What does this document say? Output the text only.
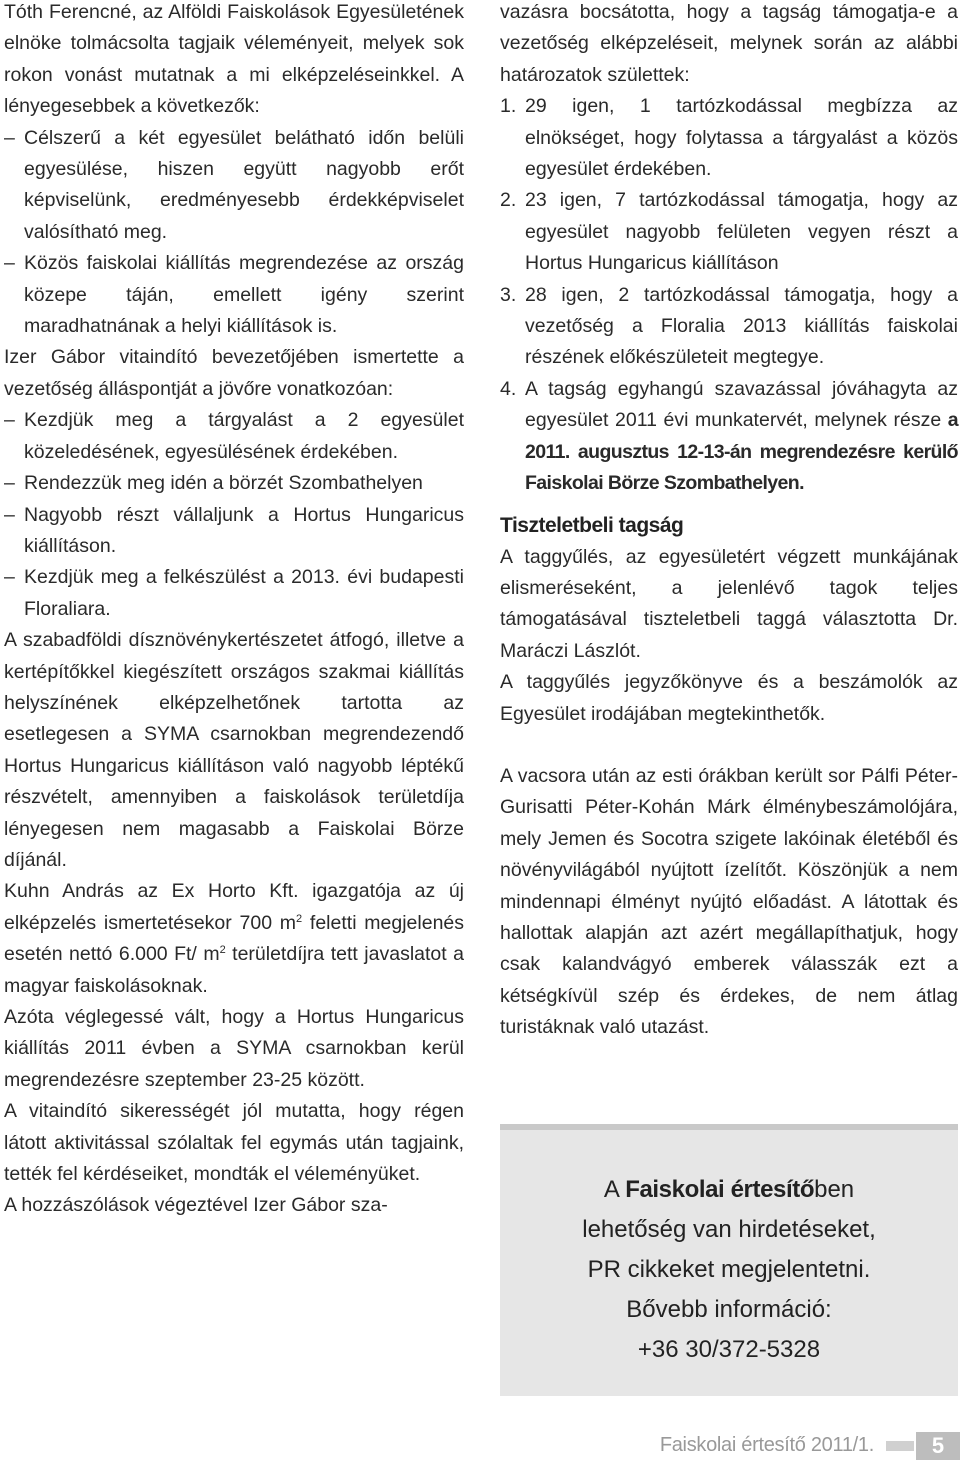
Tóth Ferencné, az Alföldi Faiskolások Egyesületének elnöke tolmácsolta tagjaik véleményeit, melyek sok rokon vonást mutatnak a mi elképzeléseinkkel. A lényegesebbek a következők:

– Célszerű a két egyesület belátható időn belüli egyesülése, hiszen együtt nagyobb erőt képviselünk, eredményesebb érdekképviselet valósítható meg.
– Közös faiskolai kiállítás megrendezése az ország közepe táján, emellett igény szerint maradhatnának a helyi kiállítások is.

Izer Gábor vitaindító bevezetőjében ismertette a vezetőség álláspontját a jövőre vonatkozóan:

– Kezdjük meg a tárgyalást a 2 egyesület közeledésének, egyesülésének érdekében.
– Rendezzük meg idén a börzét Szombathelyen
– Nagyobb részt vállaljunk a Hortus Hungaricus kiállításon.
– Kezdjük meg a felkészülést a 2013. évi budapesti Floraliara.

A szabadföldi dísznövénykertészetet átfogó, illetve a kertépítőkkel kiegészített országos szakmai kiállítás helyszínének elképzelhetőnek tartotta az esetlegesen a SYMA csarnokban megrendezendő Hortus Hungaricus kiállításon való nagyobb léptékű részvételt, amennyiben a faiskolások területdíja lényegesen nem magasabb a Faiskolai Börze díjánál.

Kuhn András az Ex Horto Kft. igazgatója az új elképzelés ismertetésekor 700 $m^2$ feletti megjelenés esetén nettó 6.000 Ft/ $m^2$ területdíjra tett javaslatot a magyar faiskolásoknak.

Azóta véglegessé vált, hogy a Hortus Hungaricus kiállítás 2011 évben a SYMA csarnokban kerül megrendezésre szeptember 23-25 között.

A vitaindító sikerességét jól mutatta, hogy régen látott aktivitással szólaltak fel egymás után tagjaink, tették fel kérdéseiket, mondták el véleményüket.

A hozzászólások végeztével Izer Gábor sza-

vazásra bocsátotta, hogy a tagság támogatja-e a vezetőség elképzeléseit, melynek során az alábbi határozatok születtek:

1. 29 igen, 1 tartózkodással megbízza az elnökséget, hogy folytassa a tárgyalást a közös egyesület érdekében.
2. 23 igen, 7 tartózkodással támogatja, hogy az egyesület nagyobb felületen vegyen részt a Hortus Hungaricus kiállításon
3. 28 igen, 2 tartózkodással támogatja, hogy a vezetőség a Floralia 2013 kiállítás faiskolai részének előkészületeit megtegye.
4. A tagság egyhangú szavazással jóváhagyta az egyesület 2011 évi munkatervét, melynek része a 2011. augusztus 12-13-án megrendezésre kerülő Faiskolai Börze Szombathelyen.
Tiszteletbeli tagság

A taggyűlés, az egyesületért végzett munkájának elismeréseként, a jelenlévő tagok teljes támogatásával tiszteletbeli taggá választotta Dr. Maráczi Lászlót.

A taggyűlés jegyzőkönyve és a beszámolók az Egyesület irodájában megtekinthetők.

A vacsora után az esti órákban került sor Pálfi Péter-Gurisatti Péter-Kohán Márk élménybeszámolójára, mely Jemen és Socotra szigete lakóinak életéből és növényvilágából nyújtott ízelítőt. Köszönjük a nem mindennapi élményt nyújtó előadást. A látottak és hallottak alapján azt azért megállapíthatjuk, hogy csak kalandvágyó emberek válasszák ezt a kétségkívül szép és érdekes, de nem átlag turistáknak való utazást.

A Faiskolai értesítőben
lehetőség van hirdetéseket,
PR cikkeket megjelentetni.
Bővebb információ:
+36 30/372-5328
Faiskolai értesítő 2011/1.	5
